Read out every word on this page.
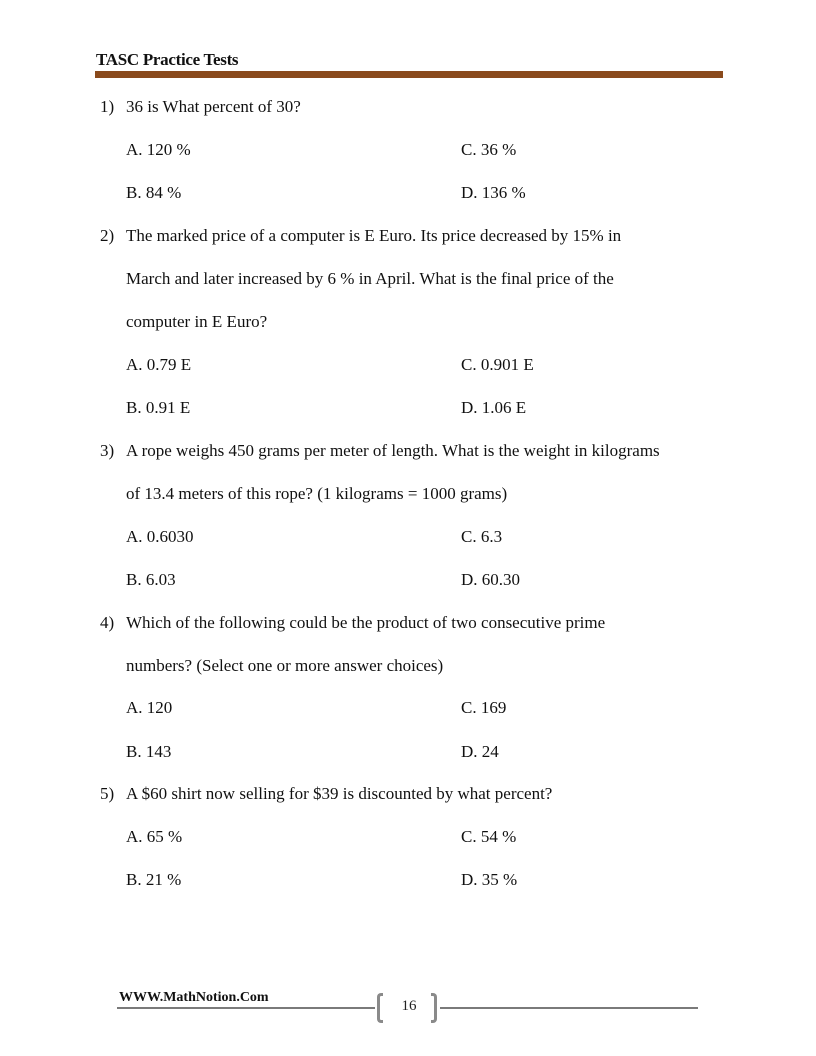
TASC Practice Tests
1) 36 is What percent of 30?
A. 120 %	C. 36 %
B. 84 %	D. 136 %
2) The marked price of a computer is E Euro. Its price decreased by 15% in
March and later increased by 6 % in April. What is the final price of the
computer in E Euro?
A. 0.79 E	C. 0.901 E
B. 0.91 E	D. 1.06 E
3) A rope weighs 450 grams per meter of length. What is the weight in kilograms
of 13.4 meters of this rope? (1 kilograms = 1000 grams)
A. 0.6030	C. 6.3
B. 6.03	D. 60.30
4) Which of the following could be the product of two consecutive prime
numbers? (Select one or more answer choices)
A. 120	C. 169
B. 143	D. 24
5) A $60 shirt now selling for $39 is discounted by what percent?
A. 65 %	C. 54 %
B. 21 %	D. 35 %
WWW.MathNotion.Com
16
